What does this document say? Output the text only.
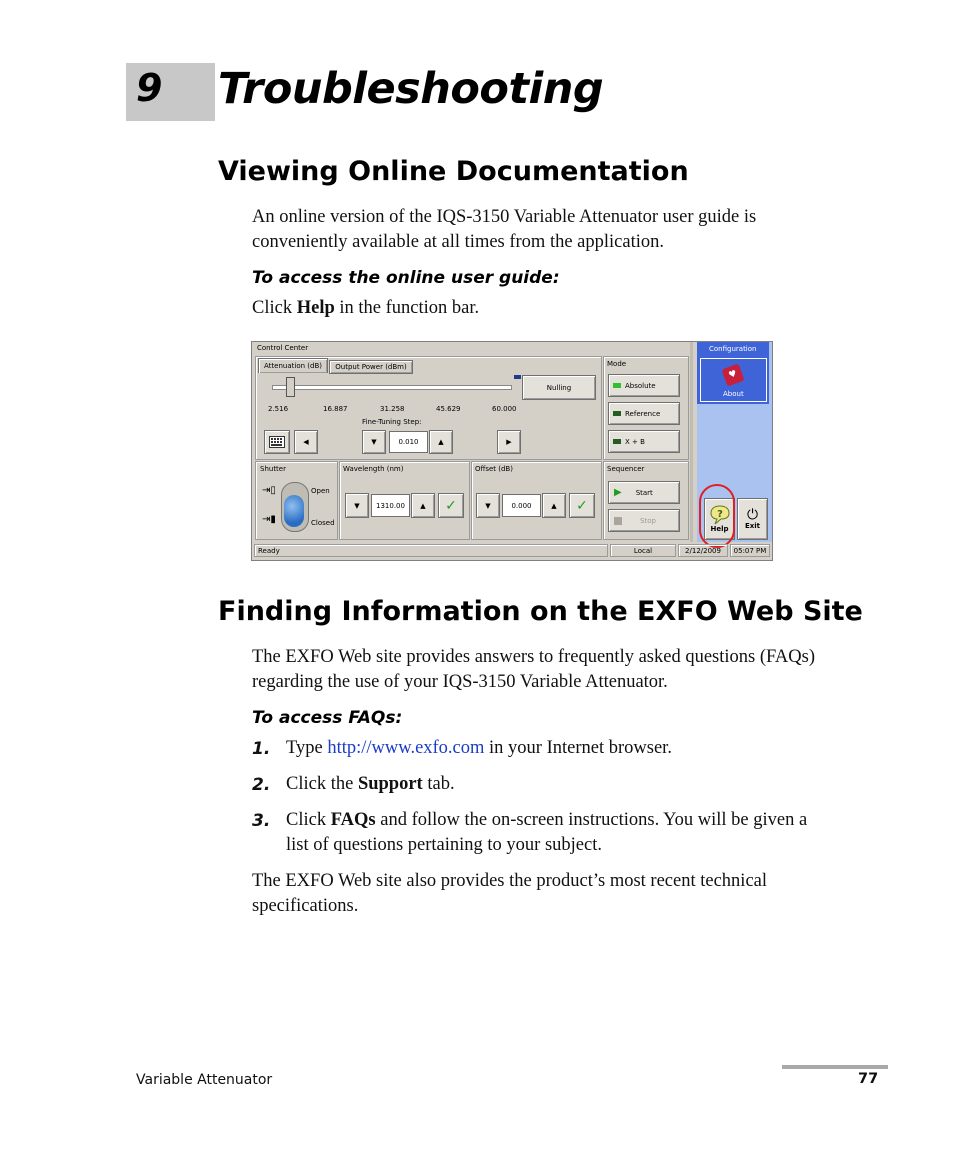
9 Troubleshooting
Viewing Online Documentation
An online version of the IQS-3150 Variable Attenuator user guide is
conveniently available at all times from the application.
To access the online user guide:
Click Help in the function bar.
Control Center
Attenuation (dB) Output Power (dBm)
2.516	16.887	31.258	45.629	60.000
Nulling
Fine-Tuning Step:
◀	▼	0.010	▲	▶
Mode
Absolute
Reference
X + B
Shutter
⇥▯
⇥▮
Open
Closed
Wavelength (nm)
▼	1310.00	▲ ✓
Offset (dB)
▼	0.000	▲ ✓
Sequencer
▶ Start
Stop
Configuration
♥
About
?
Help
⏻
Exit
Ready	Local	2/12/2009	05:07 PM
Finding Information on the EXFO Web Site
The EXFO Web site provides answers to frequently asked questions (FAQs)
regarding the use of your IQS-3150 Variable Attenuator.
To access FAQs:
1. Type http://www.exfo.com in your Internet browser.
2. Click the Support tab.
3. Click FAQs and follow the on-screen instructions. You will be given a
list of questions pertaining to your subject.
The EXFO Web site also provides the product’s most recent technical
specifications.
Variable Attenuator	77
